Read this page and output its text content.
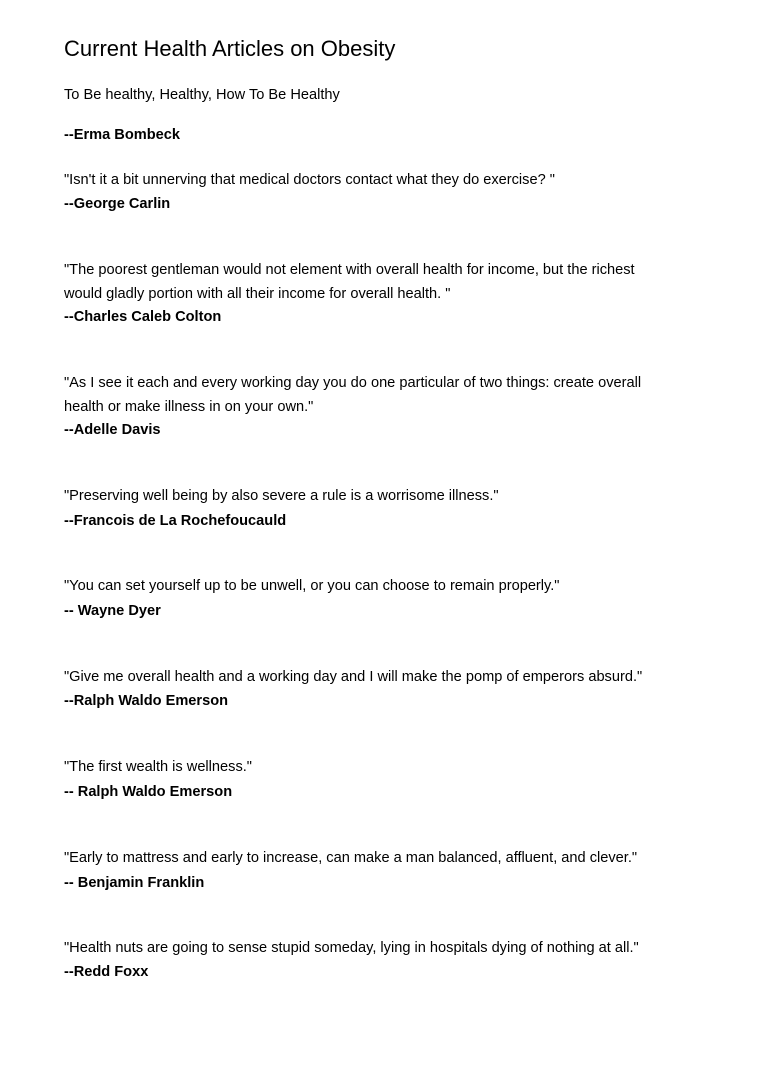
Current Health Articles on Obesity

To Be healthy, Healthy, How To Be Healthy

--Erma Bombeck

"Isn't it a bit unnerving that medical doctors contact what they do exercise? "

--George Carlin

"The poorest gentleman would not element with overall health for income, but the richest

would gladly portion with all their income for overall health. "

--Charles Caleb Colton

"As I see it each and every working day you do one particular of two things: create overall

health or make illness in on your own."

--Adelle Davis

"Preserving well being by also severe a rule is a worrisome illness."

--Francois de La Rochefoucauld

"You can set yourself up to be unwell, or you can choose to remain properly."

-- Wayne Dyer

"Give me overall health and a working day and I will make the pomp of emperors absurd."

--Ralph Waldo Emerson

"The first wealth is wellness."

-- Ralph Waldo Emerson

"Early to mattress and early to increase, can make a man balanced, affluent, and clever."

-- Benjamin Franklin

"Health nuts are going to sense stupid someday, lying in hospitals dying of nothing at all."

--Redd Foxx
